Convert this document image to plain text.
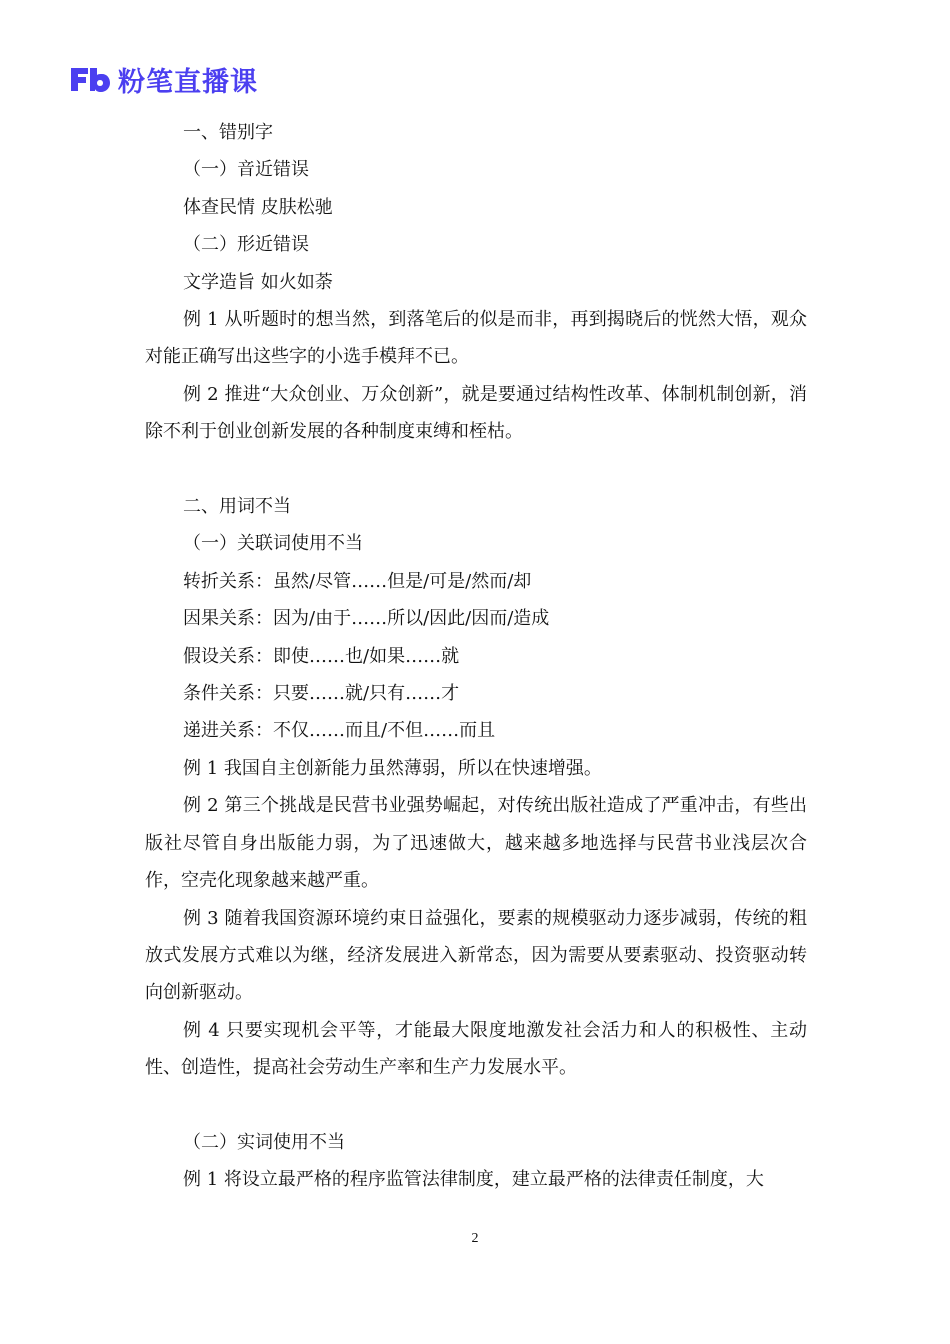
粉笔直播课

一、错别字

（一）音近错误

体查民情 皮肤松驰

（二）形近错误

文学造旨 如火如荼

例 1 从听题时的想当然，到落笔后的似是而非，再到揭晓后的恍然大悟，观众对能正确写出这些字的小选手模拜不已。

例 2 推进“大众创业、万众创新”，就是要通过结构性改革、体制机制创新，消除不利于创业创新发展的各种制度束缚和桎枯。

二、用词不当

（一）关联词使用不当

转折关系：虽然/尽管……但是/可是/然而/却

因果关系：因为/由于……所以/因此/因而/造成

假设关系：即使……也/如果……就

条件关系：只要……就/只有……才

递进关系：不仅……而且/不但……而且

例 1 我国自主创新能力虽然薄弱，所以在快速增强。

例 2 第三个挑战是民营书业强势崛起，对传统出版社造成了严重冲击，有些出版社尽管自身出版能力弱，为了迅速做大，越来越多地选择与民营书业浅层次合作，空壳化现象越来越严重。

例 3 随着我国资源环境约束日益强化，要素的规模驱动力逐步减弱，传统的粗放式发展方式难以为继，经济发展进入新常态，因为需要从要素驱动、投资驱动转向创新驱动。

例 4 只要实现机会平等，才能最大限度地激发社会活力和人的积极性、主动性、创造性，提高社会劳动生产率和生产力发展水平。

（二）实词使用不当

例 1 将设立最严格的程序监管法律制度，建立最严格的法律责任制度，大

2
